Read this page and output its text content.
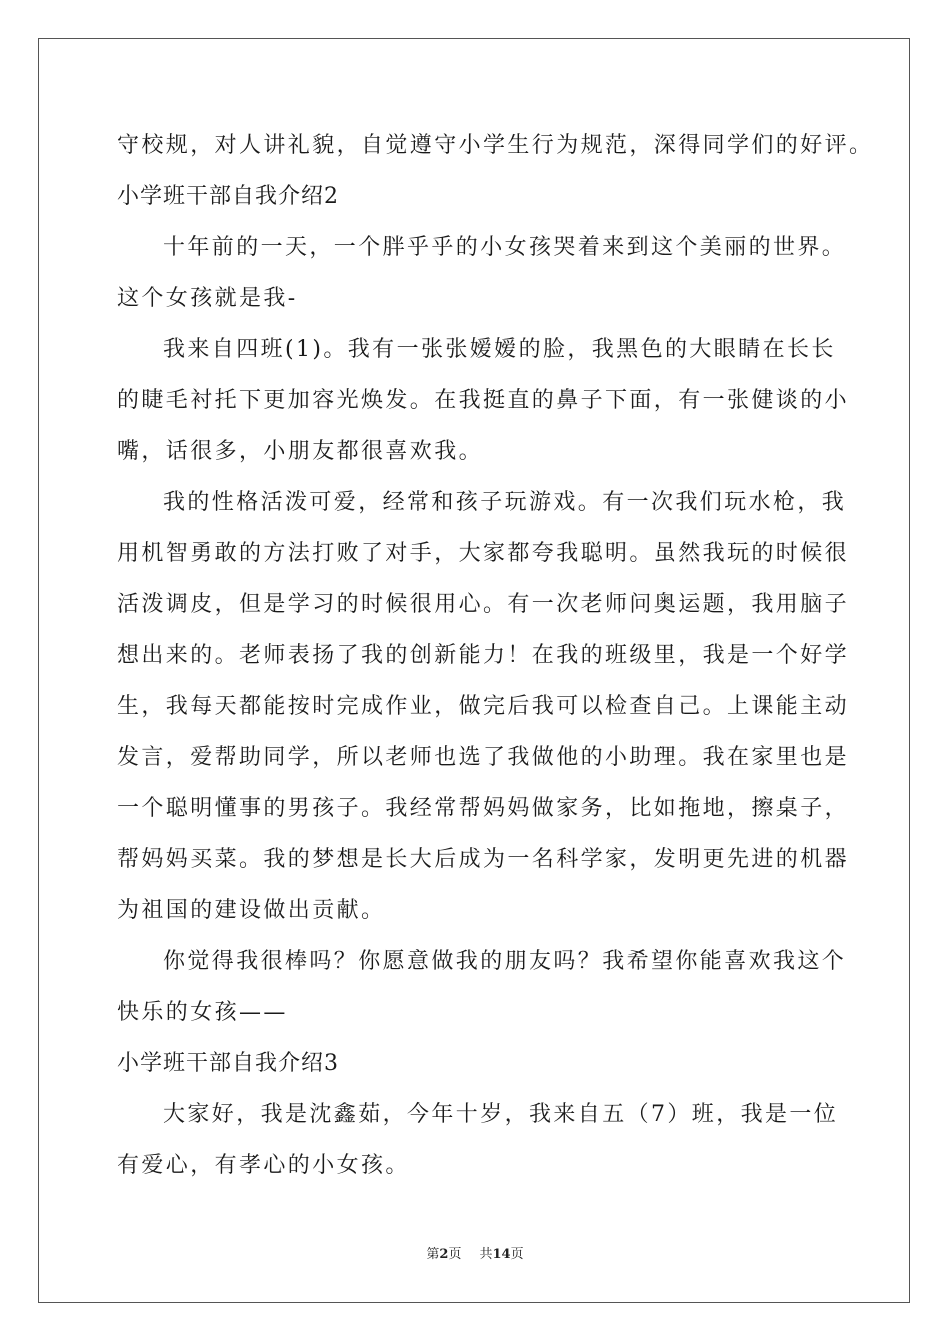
守校规，对人讲礼貌，自觉遵守小学生行为规范，深得同学们的好评。
小学班干部自我介绍2
十年前的一天，一个胖乎乎的小女孩哭着来到这个美丽的世界。
这个女孩就是我-
我来自四班(1)。我有一张张嫒嫒的脸，我黑色的大眼睛在长长
的睫毛衬托下更加容光焕发。在我挺直的鼻子下面，有一张健谈的小
嘴，话很多，小朋友都很喜欢我。
我的性格活泼可爱，经常和孩子玩游戏。有一次我们玩水枪，我
用机智勇敢的方法打败了对手，大家都夸我聪明。虽然我玩的时候很
活泼调皮，但是学习的时候很用心。有一次老师问奥运题，我用脑子
想出来的。老师表扬了我的创新能力！在我的班级里，我是一个好学
生，我每天都能按时完成作业，做完后我可以检查自己。上课能主动
发言，爱帮助同学，所以老师也选了我做他的小助理。我在家里也是
一个聪明懂事的男孩子。我经常帮妈妈做家务，比如拖地，擦桌子，
帮妈妈买菜。我的梦想是长大后成为一名科学家，发明更先进的机器
为祖国的建设做出贡献。
你觉得我很棒吗？你愿意做我的朋友吗？我希望你能喜欢我这个
快乐的女孩——
小学班干部自我介绍3
大家好，我是沈鑫茹，今年十岁，我来自五（7）班，我是一位
有爱心，有孝心的小女孩。
第2页 共14页
